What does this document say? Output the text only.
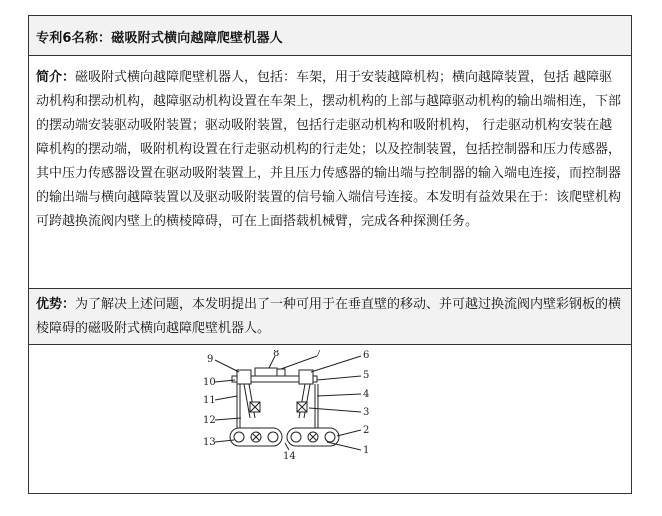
专利6名称：磁吸附式横向越障爬壁机器人
简介：磁吸附式横向越障爬壁机器人，包括：车架，用于安装越障机构；横向越障装置，包括 越障驱动机构和摆动机构，越障驱动机构设置在车架上，摆动机构的上部与越障驱动机构的输出端相连，下部的摆动端安装驱动吸附装置；驱动吸附装置，包括行走驱动机构和吸附机构， 行走驱动机构安装在越障机构的摆动端，吸附机构设置在行走驱动机构的行走处；以及控制装置，包括控制器和压力传感器，其中压力传感器设置在驱动吸附装置上，并且压力传感器的输出端与控制器的输入端电连接，而控制器的输出端与横向越障装置以及驱动吸附装置的信号输入端信号连接。本发明有益效果在于：该爬壁机构可跨越换流阀内壁上的横棱障碍，可在上面搭载机械臂，完成各种探测任务。
优势：为了解决上述问题，本发明提出了一种可用于在垂直壁的移动、并可越过换流阀内壁彩钢板的横棱障碍的磁吸附式横向越障爬壁机器人。
9
10
11
12
13
8	7	6
5
4
3
2
1
14
